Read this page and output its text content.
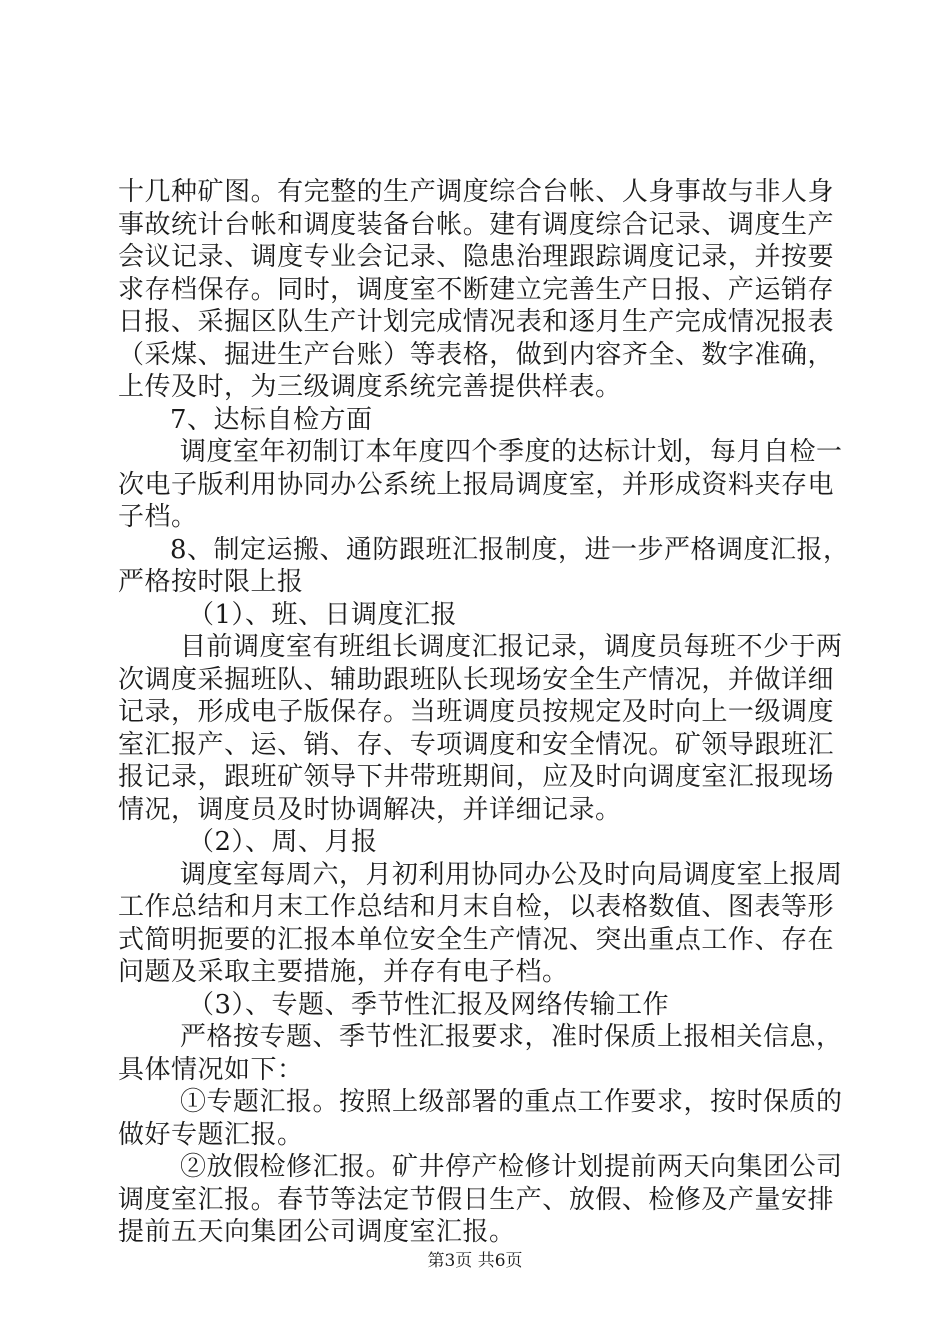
十几种矿图。有完整的生产调度综合台帐、人身事故与非人身
事故统计台帐和调度装备台帐。建有调度综合记录、调度生产
会议记录、调度专业会记录、隐患治理跟踪调度记录，并按要
求存档保存。同时，调度室不断建立完善生产日报、产运销存
日报、采掘区队生产计划完成情况表和逐月生产完成情况报表
（采煤、掘进生产台账）等表格，做到内容齐全、数字准确，
上传及时，为三级调度系统完善提供样表。
7、达标自检方面
调度室年初制订本年度四个季度的达标计划，每月自检一
次电子版利用协同办公系统上报局调度室，并形成资料夹存电
子档。
8、制定运搬、通防跟班汇报制度，进一步严格调度汇报，
严格按时限上报
（1）、班、日调度汇报
目前调度室有班组长调度汇报记录，调度员每班不少于两
次调度采掘班队、辅助跟班队长现场安全生产情况，并做详细
记录，形成电子版保存。当班调度员按规定及时向上一级调度
室汇报产、运、销、存、专项调度和安全情况。矿领导跟班汇
报记录，跟班矿领导下井带班期间，应及时向调度室汇报现场
情况，调度员及时协调解决，并详细记录。
（2）、周、月报
调度室每周六，月初利用协同办公及时向局调度室上报周
工作总结和月末工作总结和月末自检，以表格数值、图表等形
式简明扼要的汇报本单位安全生产情况、突出重点工作、存在
问题及采取主要措施，并存有电子档。
（3）、专题、季节性汇报及网络传输工作
严格按专题、季节性汇报要求，准时保质上报相关信息，
具体情况如下：
①专题汇报。按照上级部署的重点工作要求，按时保质的
做好专题汇报。
②放假检修汇报。矿井停产检修计划提前两天向集团公司
调度室汇报。春节等法定节假日生产、放假、检修及产量安排
提前五天向集团公司调度室汇报。
第3页 共6页
